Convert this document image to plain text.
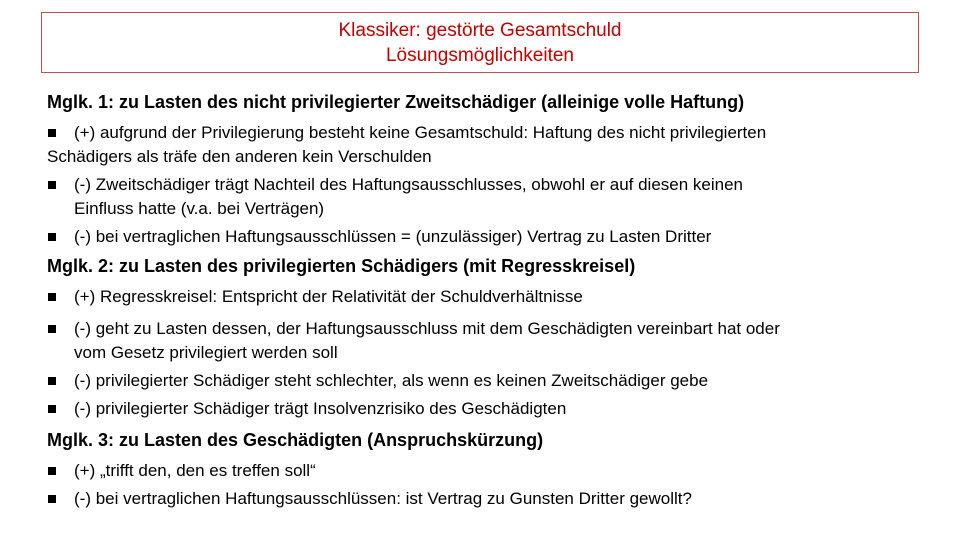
Klassiker: gestörte Gesamtschuld
Lösungsmöglichkeiten

Mglk. 1: zu Lasten des nicht privilegierter Zweitschädiger (alleinige volle Haftung)

(+) aufgrund der Privilegierung besteht keine Gesamtschuld: Haftung des nicht privilegierten
Schädigers als träfe den anderen kein Verschulden
(-) Zweitschädiger trägt Nachteil des Haftungsausschlusses, obwohl er auf diesen keinen
Einfluss hatte (v.a. bei Verträgen)
(-) bei vertraglichen Haftungsausschlüssen = (unzulässiger) Vertrag zu Lasten Dritter

Mglk. 2: zu Lasten des privilegierten Schädigers (mit Regresskreisel)

(+) Regresskreisel: Entspricht der Relativität der Schuldverhältnisse
(-) geht zu Lasten dessen, der Haftungsausschluss mit dem Geschädigten vereinbart hat oder
vom Gesetz privilegiert werden soll
(-) privilegierter Schädiger steht schlechter, als wenn es keinen Zweitschädiger gebe
(-) privilegierter Schädiger trägt Insolvenzrisiko des Geschädigten

Mglk. 3: zu Lasten des Geschädigten (Anspruchskürzung)

(+) „trifft den, den es treffen soll“
(-) bei vertraglichen Haftungsausschlüssen: ist Vertrag zu Gunsten Dritter gewollt?
